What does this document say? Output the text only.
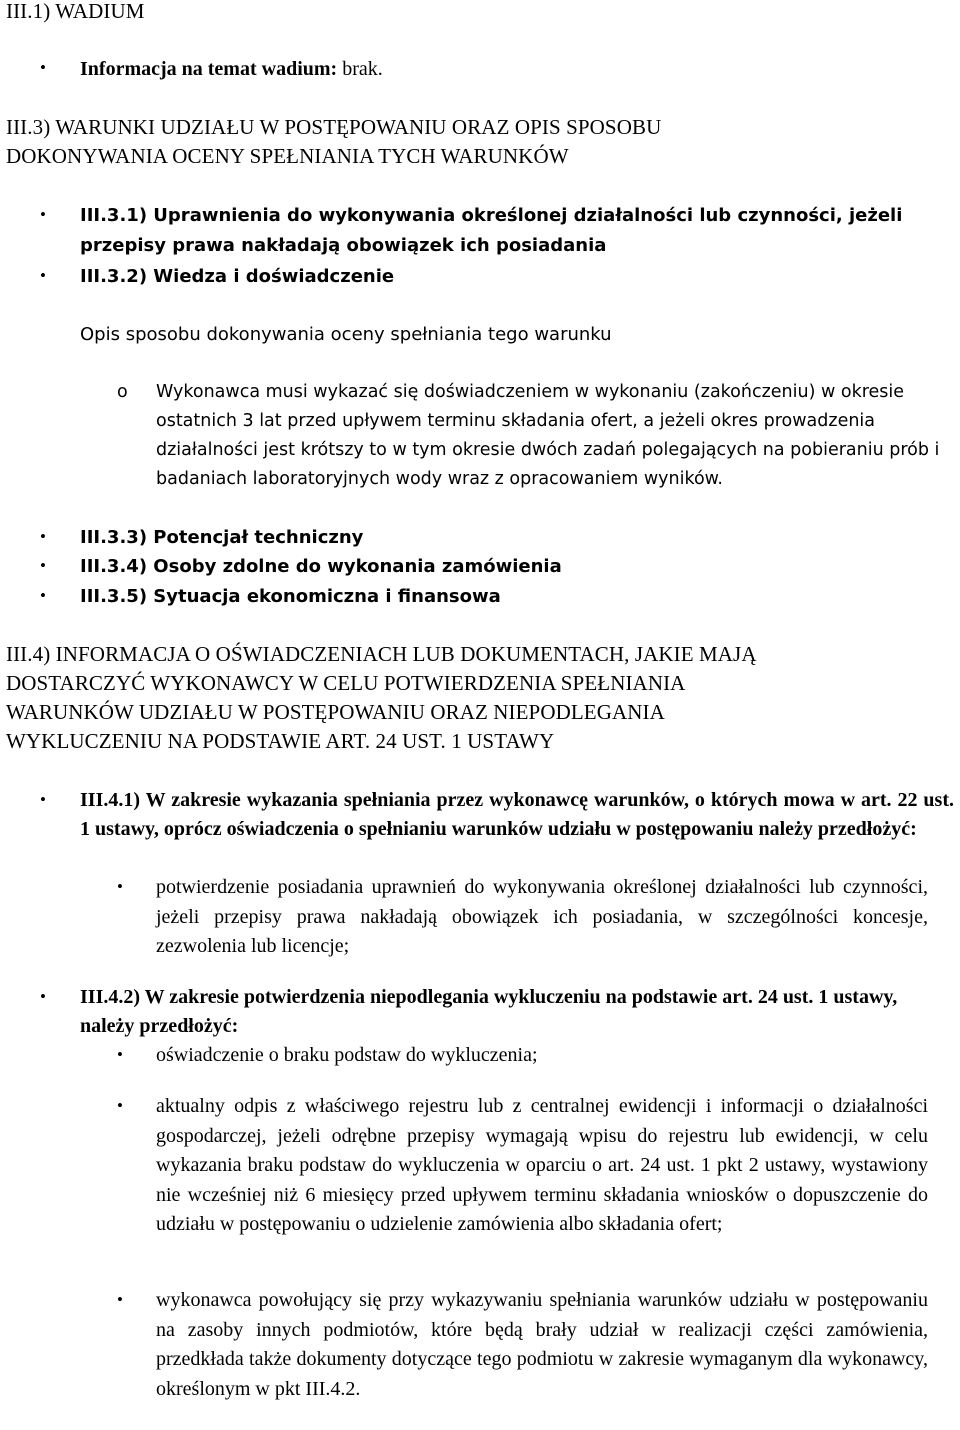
III.1) WADIUM
•
Informacja na temat wadium: brak.
III.3) WARUNKI UDZIAŁU W POSTĘPOWANIU ORAZ OPIS SPOSOBU
DOKONYWANIA OCENY SPEŁNIANIA TYCH WARUNKÓW
•
III.3.1) Uprawnienia do wykonywania określonej działalności lub czynności, jeżeli przepisy prawa nakładają obowiązek ich posiadania
•
III.3.2) Wiedza i doświadczenie
Opis sposobu dokonywania oceny spełniania tego warunku
o Wykonawca musi wykazać się doświadczeniem w wykonaniu (zakończeniu) w okresie ostatnich 3 lat przed upływem terminu składania ofert, a jeżeli okres prowadzenia działalności jest krótszy to w tym okresie dwóch zadań polegających na pobieraniu prób i badaniach laboratoryjnych wody wraz z opracowaniem wyników.
•
III.3.3) Potencjał techniczny
•
III.3.4) Osoby zdolne do wykonania zamówienia
•
III.3.5) Sytuacja ekonomiczna i finansowa
III.4) INFORMACJA O OŚWIADCZENIACH LUB DOKUMENTACH, JAKIE MAJĄ
DOSTARCZYĆ WYKONAWCY W CELU POTWIERDZENIA SPEŁNIANIA
WARUNKÓW UDZIAŁU W POSTĘPOWANIU ORAZ NIEPODLEGANIA
WYKLUCZENIU NA PODSTAWIE ART. 24 UST. 1 USTAWY
•
III.4.1) W zakresie wykazania spełniania przez wykonawcę warunków, o których mowa w art. 22 ust. 1 ustawy, oprócz oświadczenia o spełnianiu warunków udziału w postępowaniu należy przedłożyć:
•
potwierdzenie posiadania uprawnień do wykonywania określonej działalności lub czynności, jeżeli przepisy prawa nakładają obowiązek ich posiadania, w szczególności koncesje, zezwolenia lub licencje;
•
III.4.2) W zakresie potwierdzenia niepodlegania wykluczeniu na podstawie art. 24 ust. 1 ustawy, należy przedłożyć:
•
oświadczenie o braku podstaw do wykluczenia;
•
aktualny odpis z właściwego rejestru lub z centralnej ewidencji i informacji o działalności gospodarczej, jeżeli odrębne przepisy wymagają wpisu do rejestru lub ewidencji, w celu wykazania braku podstaw do wykluczenia w oparciu o art. 24 ust. 1 pkt 2 ustawy, wystawiony nie wcześniej niż 6 miesięcy przed upływem terminu składania wniosków o dopuszczenie do udziału w postępowaniu o udzielenie zamówienia albo składania ofert;
•
wykonawca powołujący się przy wykazywaniu spełniania warunków udziału w postępowaniu na zasoby innych podmiotów, które będą brały udział w realizacji części zamówienia, przedkłada także dokumenty dotyczące tego podmiotu w zakresie wymaganym dla wykonawcy, określonym w pkt III.4.2.
